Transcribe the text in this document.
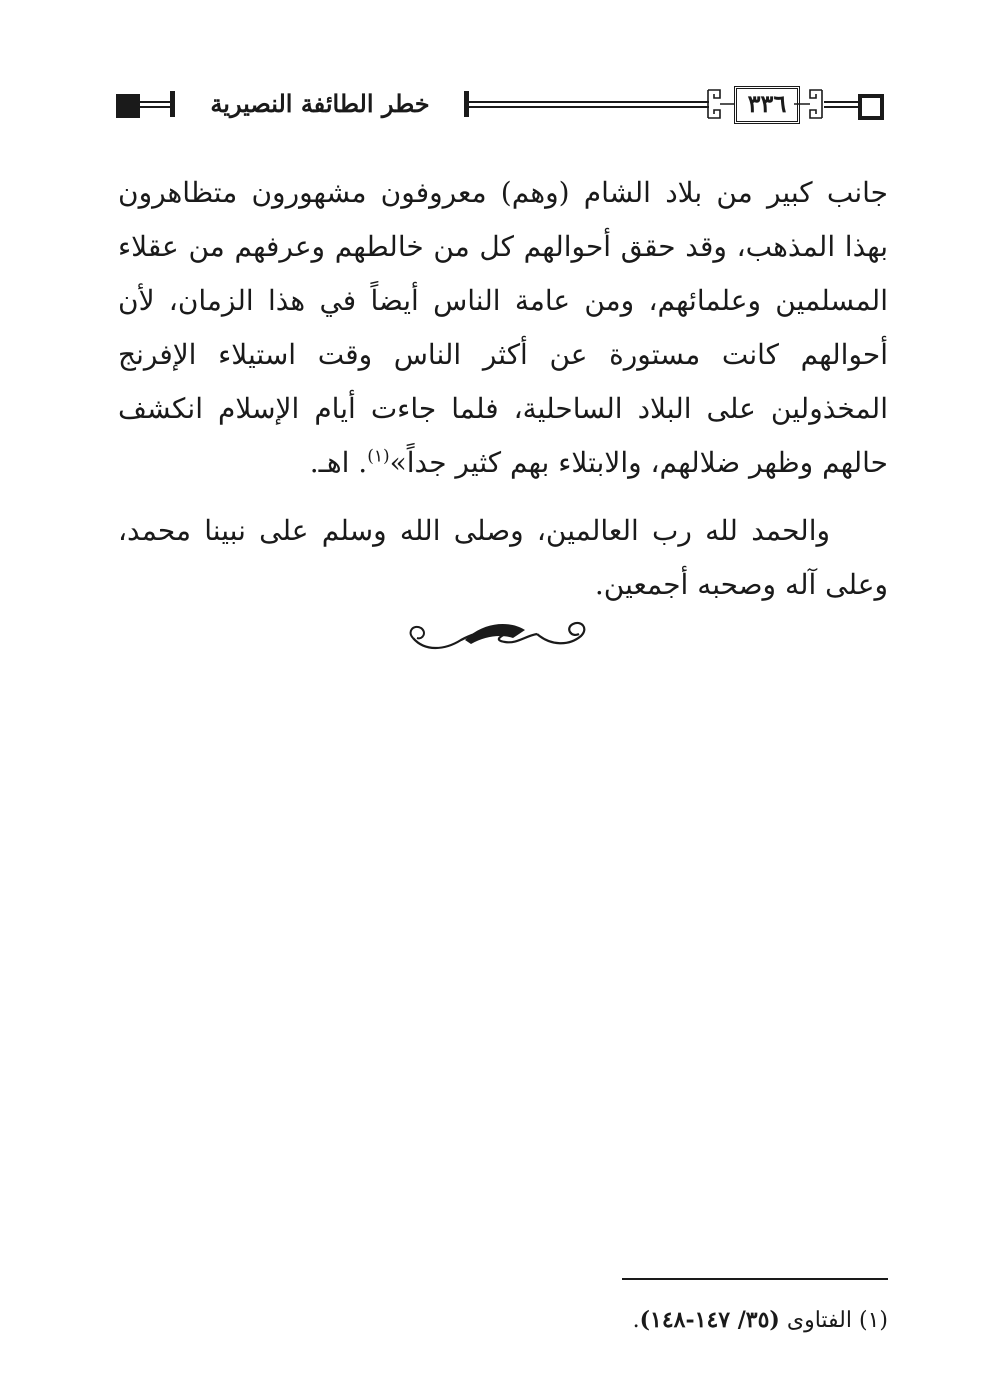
خطر الطائفة النصيرية	٣٣٦
جانب كبير من بلاد الشام (وهم) معروفون مشهورون متظاهرون بهذا المذهب، وقد حقق أحوالهم كل من خالطهم وعرفهم من عقلاء المسلمين وعلمائهم، ومن عامة الناس أيضاً في هذا الزمان، لأن أحوالهم كانت مستورة عن أكثر الناس وقت استيلاء الإفرنج المخذولين على البلاد الساحلية، فلما جاءت أيام الإسلام انكشف حالهم وظهر ضلالهم، والابتلاء بهم كثير جداً»$^{(١)}$. اهـ.
والحمد لله رب العالمين، وصلى الله وسلم على نبينا محمد، وعلى آله وصحبه أجمعين.
(١) الفتاوى (٣٥/ ١٤٧-١٤٨).
